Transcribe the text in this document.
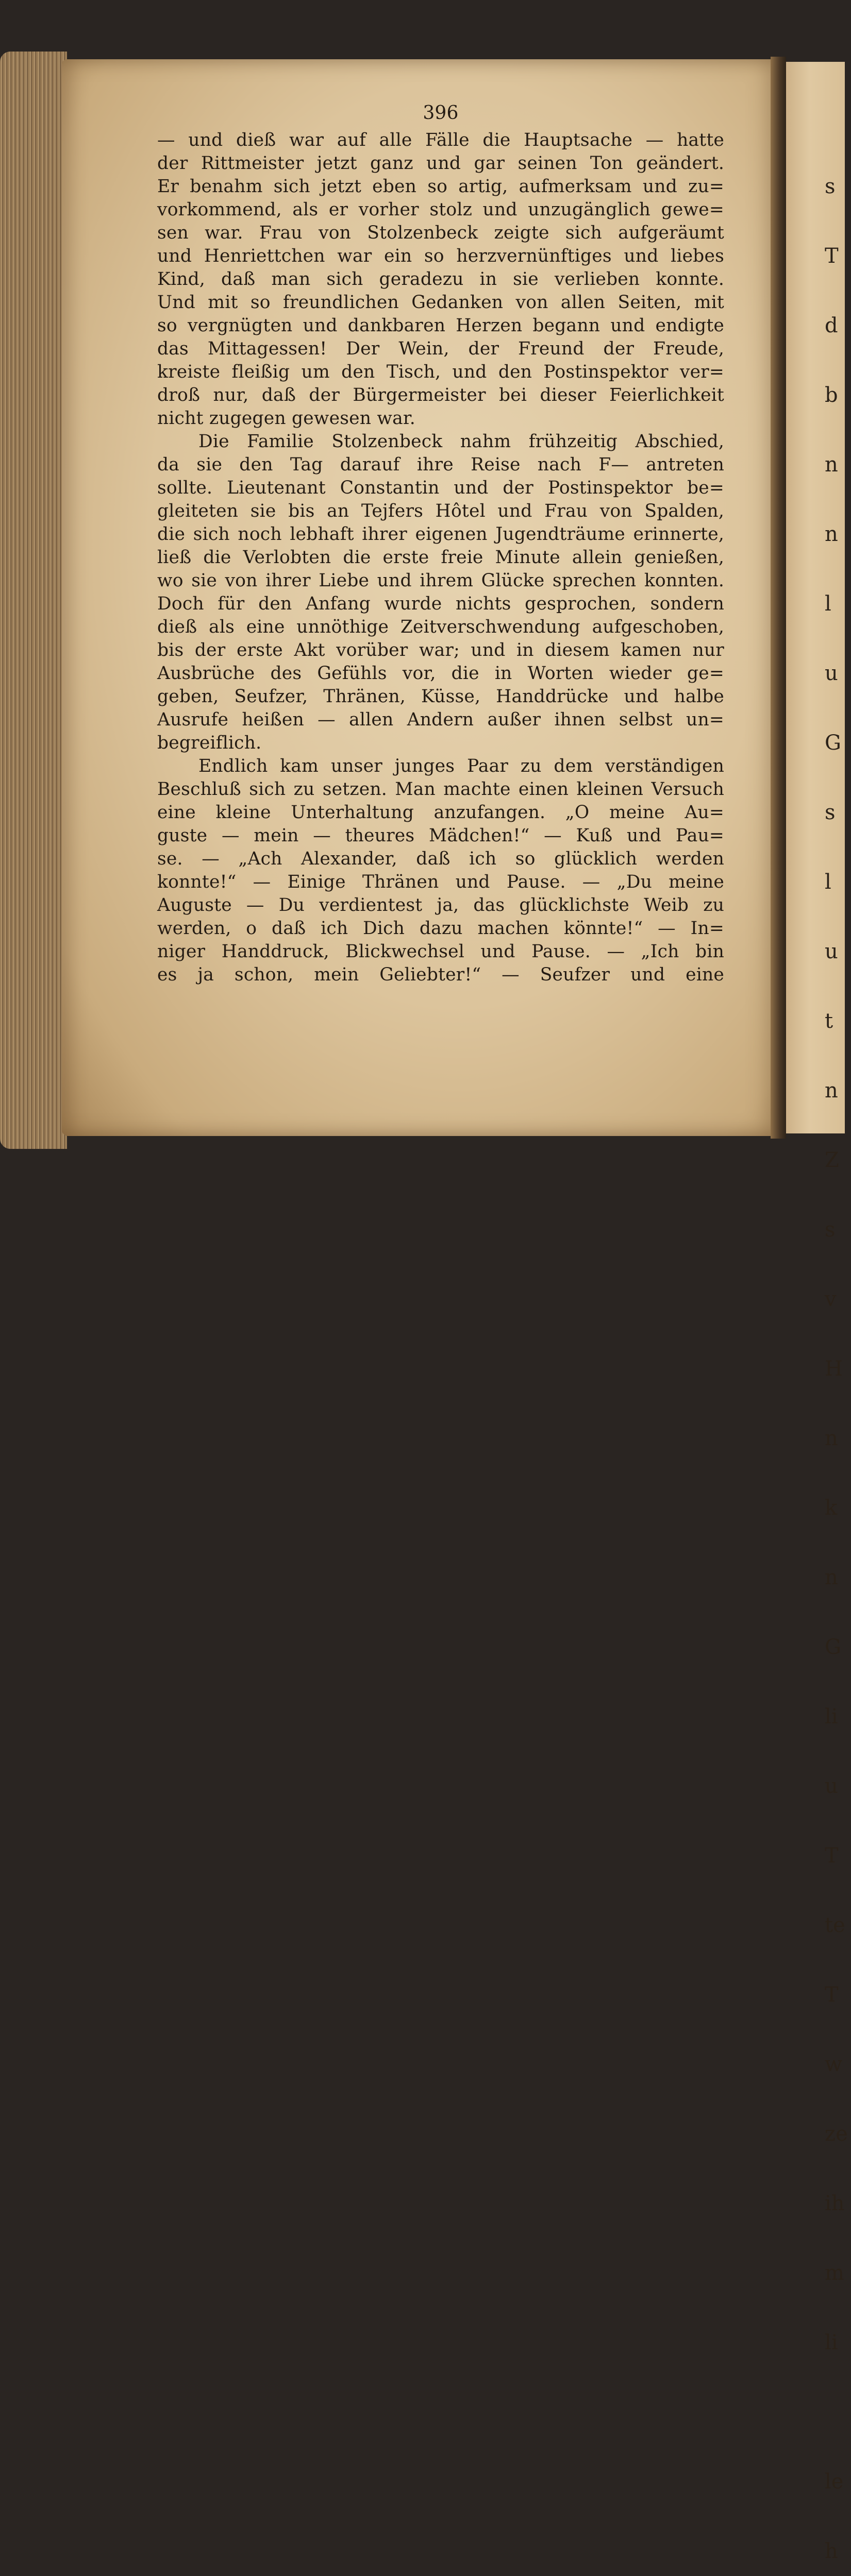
s

T

d

b

n

n

l

u

G

s

l

u

t

n

Z

s

v

H

n

k

n

G

li

u

T

te

T

w

ze

ih

m

li

le

h

396
— und dieß war auf alle Fälle die Hauptsache — hatte
der Rittmeister jetzt ganz und gar seinen Ton geändert.
Er benahm sich jetzt eben so artig, aufmerksam und zu=
vorkommend, als er vorher stolz und unzugänglich gewe=
sen war. Frau von Stolzenbeck zeigte sich aufgeräumt
und Henriettchen war ein so herzvernünftiges und liebes
Kind, daß man sich geradezu in sie verlieben konnte.
Und mit so freundlichen Gedanken von allen Seiten, mit
so vergnügten und dankbaren Herzen begann und endigte
das Mittagessen! Der Wein, der Freund der Freude,
kreiste fleißig um den Tisch, und den Postinspektor ver=
droß nur, daß der Bürgermeister bei dieser Feierlichkeit
nicht zugegen gewesen war.
Die Familie Stolzenbeck nahm frühzeitig Abschied,
da sie den Tag darauf ihre Reise nach F— antreten
sollte. Lieutenant Constantin und der Postinspektor be=
gleiteten sie bis an Tejfers Hôtel und Frau von Spalden,
die sich noch lebhaft ihrer eigenen Jugendträume erinnerte,
ließ die Verlobten die erste freie Minute allein genießen,
wo sie von ihrer Liebe und ihrem Glücke sprechen konnten.
Doch für den Anfang wurde nichts gesprochen, sondern
dieß als eine unnöthige Zeitverschwendung aufgeschoben,
bis der erste Akt vorüber war; und in diesem kamen nur
Ausbrüche des Gefühls vor, die in Worten wieder ge=
geben, Seufzer, Thränen, Küsse, Handdrücke und halbe
Ausrufe heißen — allen Andern außer ihnen selbst un=
begreiflich.
Endlich kam unser junges Paar zu dem verständigen
Beschluß sich zu setzen. Man machte einen kleinen Versuch
eine kleine Unterhaltung anzufangen. „O meine Au=
guste — mein — theures Mädchen!“ — Kuß und Pau=
se. — „Ach Alexander, daß ich so glücklich werden
konnte!“ — Einige Thränen und Pause. — „Du meine
Auguste — Du verdientest ja, das glücklichste Weib zu
werden, o daß ich Dich dazu machen könnte!“ — In=
niger Handdruck, Blickwechsel und Pause. — „Ich bin
es ja schon, mein Geliebter!“ — Seufzer und eine
